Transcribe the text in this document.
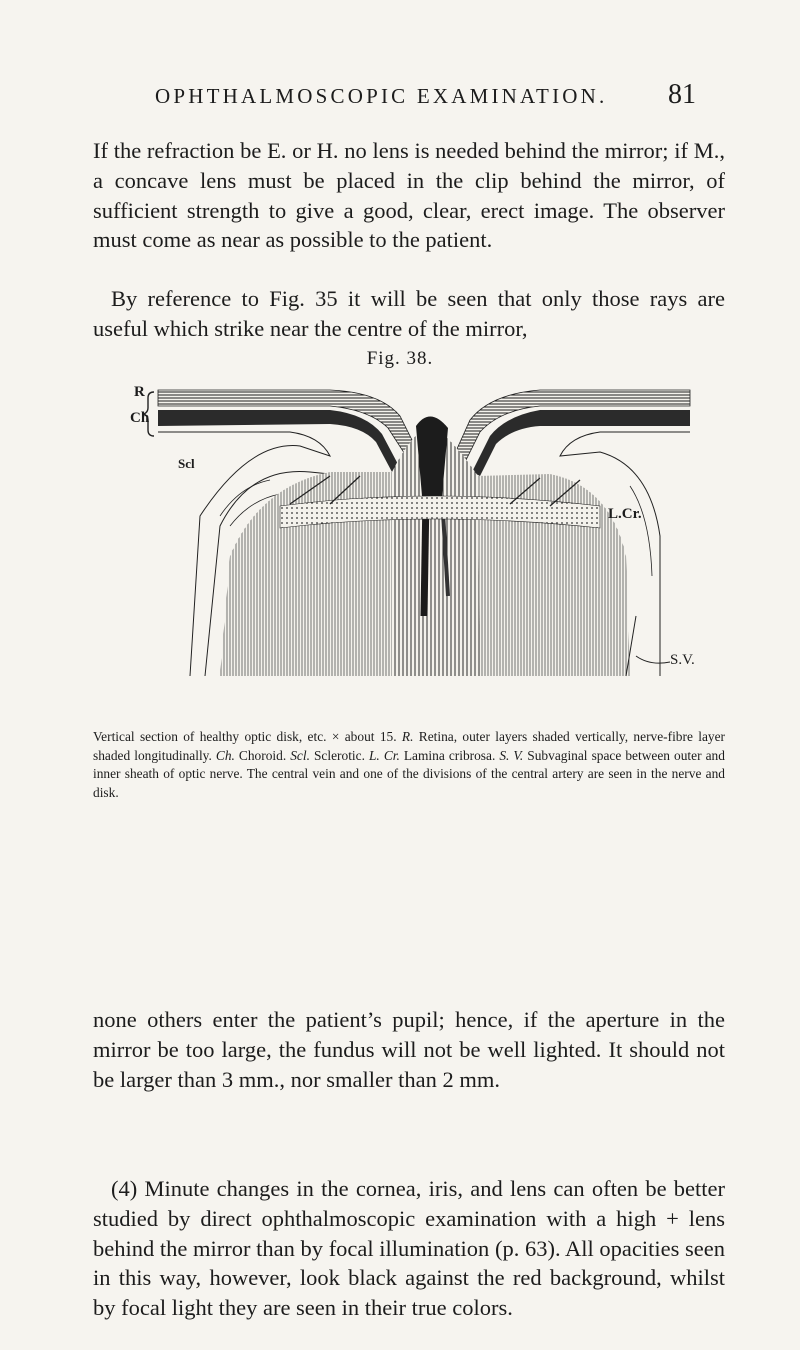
OPHTHALMOSCOPIC EXAMINATION. 81

If the refraction be E. or H. no lens is needed behind the mirror; if M., a concave lens must be placed in the clip behind the mirror, of sufficient strength to give a good, clear, erect image. The observer must come as near as possible to the patient.

By reference to Fig. 35 it will be seen that only those rays are useful which strike near the centre of the mirror,

Fig. 38.
R
Ch
Scl
L.Cr.
S.V.

Vertical section of healthy optic disk, etc. × about 15. R. Retina, outer layers shaded vertically, nerve-fibre layer shaded longitudinally. Ch. Choroid. Scl. Sclerotic. L. Cr. Lamina cribrosa. S. V. Subvaginal space between outer and inner sheath of optic nerve. The central vein and one of the divisions of the central artery are seen in the nerve and disk.

none others enter the patient’s pupil; hence, if the aperture in the mirror be too large, the fundus will not be well lighted. It should not be larger than 3 mm., nor smaller than 2 mm.

(4) Minute changes in the cornea, iris, and lens can often be better studied by direct ophthalmoscopic examination with a high + lens behind the mirror than by focal illumination (p. 63). All opacities seen in this way, however, look black against the red background, whilst by focal light they are seen in their true colors.
